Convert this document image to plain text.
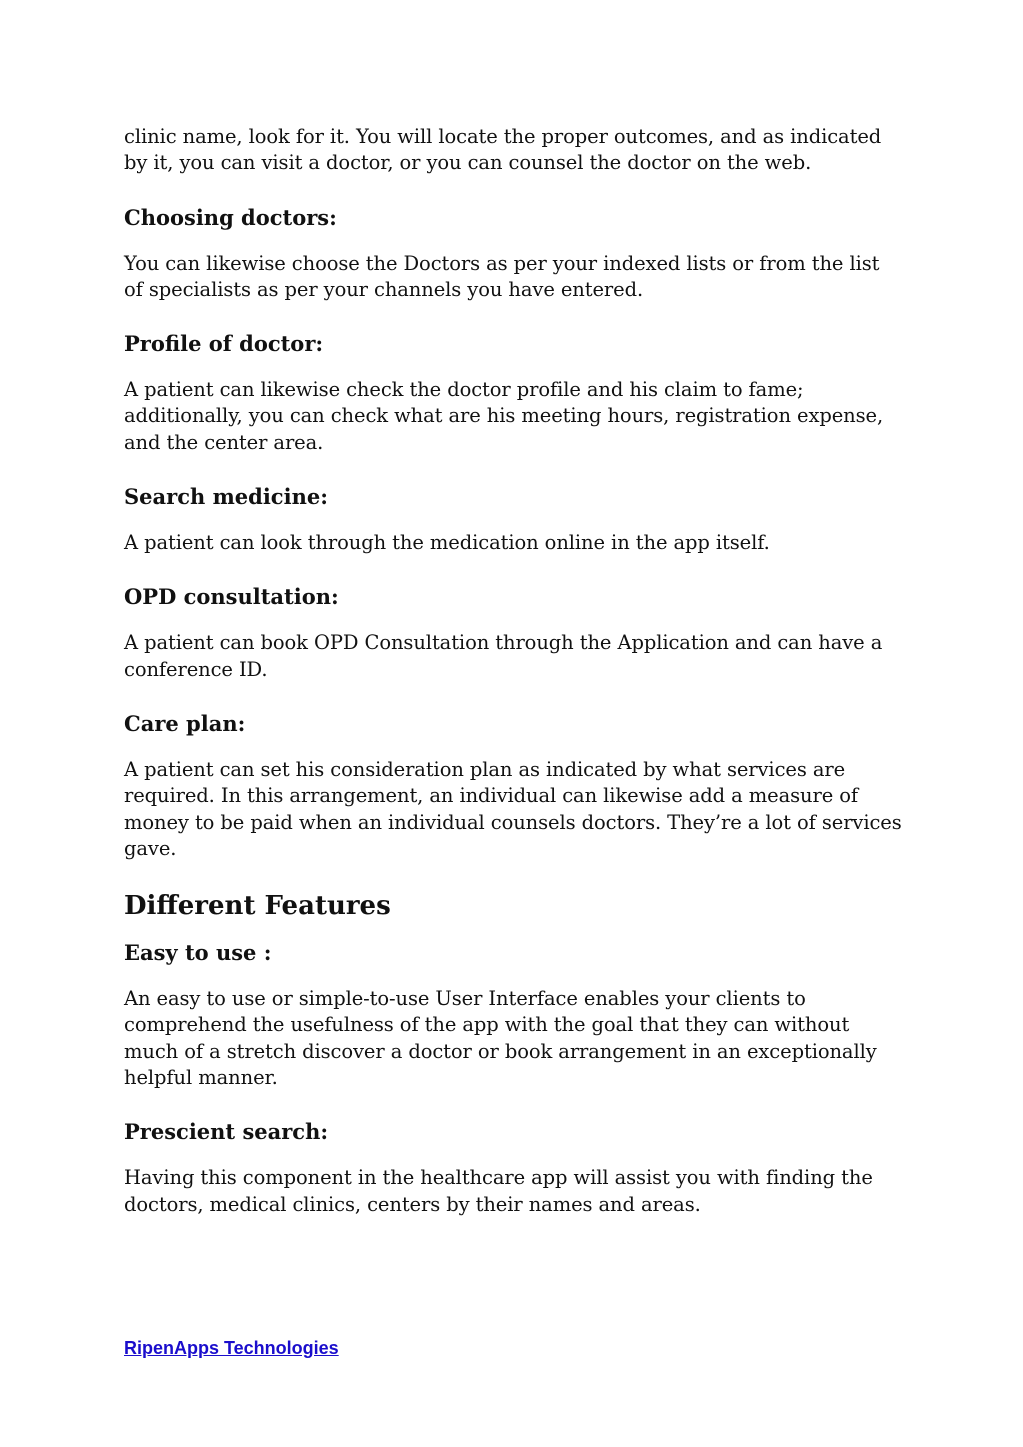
clinic name, look for it. You will locate the proper outcomes, and as indicated by it, you can visit a doctor, or you can counsel the doctor on the web.

Choosing doctors:

You can likewise choose the Doctors as per your indexed lists or from the list of specialists as per your channels you have entered.

Profile of doctor:

A patient can likewise check the doctor profile and his claim to fame; additionally, you can check what are his meeting hours, registration expense, and the center area.

Search medicine:

A patient can look through the medication online in the app itself.

OPD consultation:

A patient can book OPD Consultation through the Application and can have a conference ID.

Care plan:

A patient can set his consideration plan as indicated by what services are required. In this arrangement, an individual can likewise add a measure of money to be paid when an individual counsels doctors. They’re a lot of services gave.

Different Features
Easy to use :

An easy to use or simple-to-use User Interface enables your clients to comprehend the usefulness of the app with the goal that they can without much of a stretch discover a doctor or book arrangement in an exceptionally helpful manner.

Prescient search:

Having this component in the healthcare app will assist you with finding the doctors, medical clinics, centers by their names and areas.

RipenApps Technologies
